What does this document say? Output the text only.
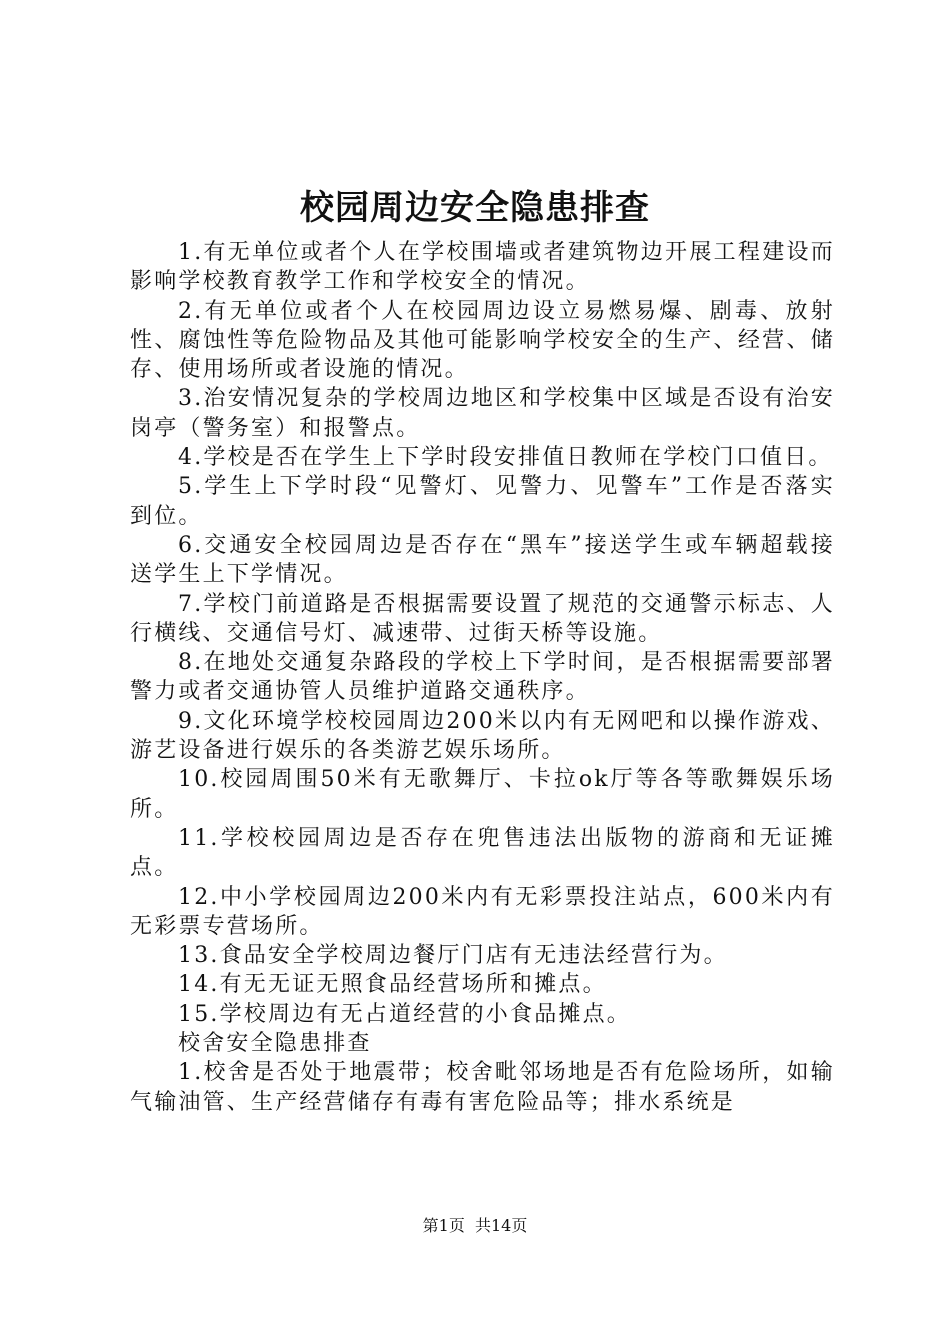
校园周边安全隐患排查

1.有无单位或者个人在学校围墙或者建筑物边开展工程建设而影响学校教育教学工作和学校安全的情况。

2.有无单位或者个人在校园周边设立易燃易爆、剧毒、放射性、腐蚀性等危险物品及其他可能影响学校安全的生产、经营、储存、使用场所或者设施的情况。

3.治安情况复杂的学校周边地区和学校集中区域是否设有治安岗亭（警务室）和报警点。

4.学校是否在学生上下学时段安排值日教师在学校门口值日。

5.学生上下学时段“见警灯、见警力、见警车”工作是否落实到位。

6.交通安全校园周边是否存在“黑车”接送学生或车辆超载接送学生上下学情况。

7.学校门前道路是否根据需要设置了规范的交通警示标志、人行横线、交通信号灯、减速带、过街天桥等设施。

8.在地处交通复杂路段的学校上下学时间，是否根据需要部署警力或者交通协管人员维护道路交通秩序。

9.文化环境学校校园周边200米以内有无网吧和以操作游戏、游艺设备进行娱乐的各类游艺娱乐场所。

10.校园周围50米有无歌舞厅、卡拉ok厅等各等歌舞娱乐场所。

11.学校校园周边是否存在兜售违法出版物的游商和无证摊点。

12.中小学校园周边200米内有无彩票投注站点，600米内有无彩票专营场所。

13.食品安全学校周边餐厅门店有无违法经营行为。

14.有无无证无照食品经营场所和摊点。

15.学校周边有无占道经营的小食品摊点。

校舍安全隐患排查

1.校舍是否处于地震带；校舍毗邻场地是否有危险场所，如输气输油管、生产经营储存有毒有害危险品等；排水系统是

第1页  共14页
